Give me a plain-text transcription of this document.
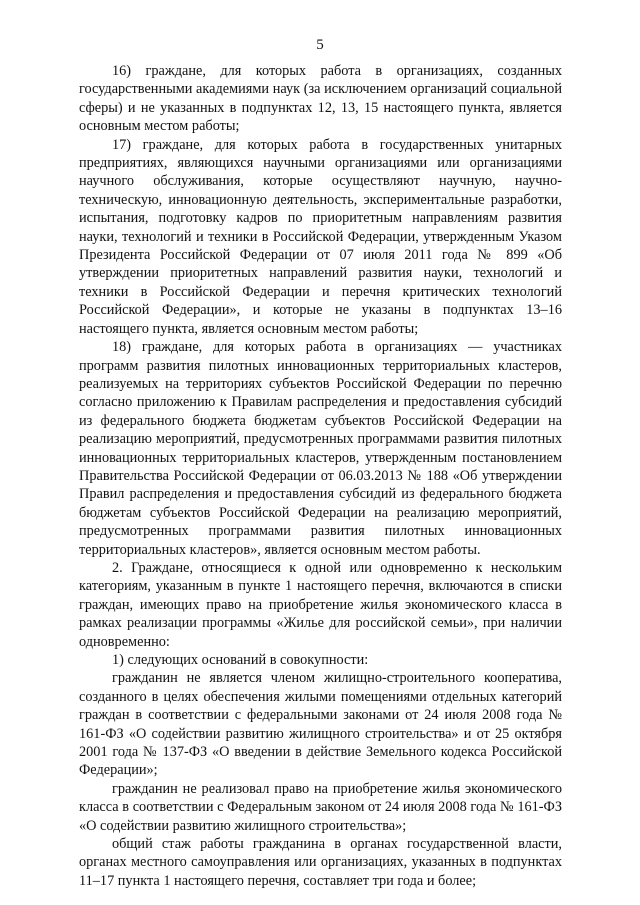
5

16) граждане, для которых работа в организациях, созданных государственными академиями наук (за исключением организаций социальной сферы) и не указанных в подпунктах 12, 13, 15 настоящего пункта, является основным местом работы;

17) граждане, для которых работа в государственных унитарных предприятиях, являющихся научными организациями или организациями научного обслуживания, которые осуществляют научную, научно-техническую, инновационную деятельность, экспериментальные разработки, испытания, подготовку кадров по приоритетным направлениям развития науки, технологий и техники в Российской Федерации, утвержденным Указом Президента Российской Федерации от 07 июля 2011 года № 899 «Об утверждении приоритетных направлений развития науки, технологий и техники в Российской Федерации и перечня критических технологий Российской Федерации», и которые не указаны в подпунктах 13–16 настоящего пункта, является основным местом работы;

18) граждане, для которых работа в организациях — участниках программ развития пилотных инновационных территориальных кластеров, реализуемых на территориях субъектов Российской Федерации по перечню согласно приложению к Правилам распределения и предоставления субсидий из федерального бюджета бюджетам субъектов Российской Федерации на реализацию мероприятий, предусмотренных программами развития пилотных инновационных территориальных кластеров, утвержденным постановлением Правительства Российской Федерации от 06.03.2013 № 188 «Об утверждении Правил распределения и предоставления субсидий из федерального бюджета бюджетам субъектов Российской Федерации на реализацию мероприятий, предусмотренных программами развития пилотных инновационных территориальных кластеров», является основным местом работы.

2. Граждане, относящиеся к одной или одновременно к нескольким категориям, указанным в пункте 1 настоящего перечня, включаются в списки граждан, имеющих право на приобретение жилья экономического класса в рамках реализации программы «Жилье для российской семьи», при наличии одновременно:

1) следующих оснований в совокупности:

гражданин не является членом жилищно-строительного кооператива, созданного в целях обеспечения жилыми помещениями отдельных категорий граждан в соответствии с федеральными законами от 24 июля 2008 года № 161-ФЗ «О содействии развитию жилищного строительства» и от 25 октября 2001 года № 137-ФЗ «О введении в действие Земельного кодекса Российской Федерации»;

гражданин не реализовал право на приобретение жилья экономического класса в соответствии с Федеральным законом от 24 июля 2008 года № 161-ФЗ «О содействии развитию жилищного строительства»;

общий стаж работы гражданина в органах государственной власти, органах местного самоуправления или организациях, указанных в подпунктах 11–17 пункта 1 настоящего перечня, составляет три года и более;
